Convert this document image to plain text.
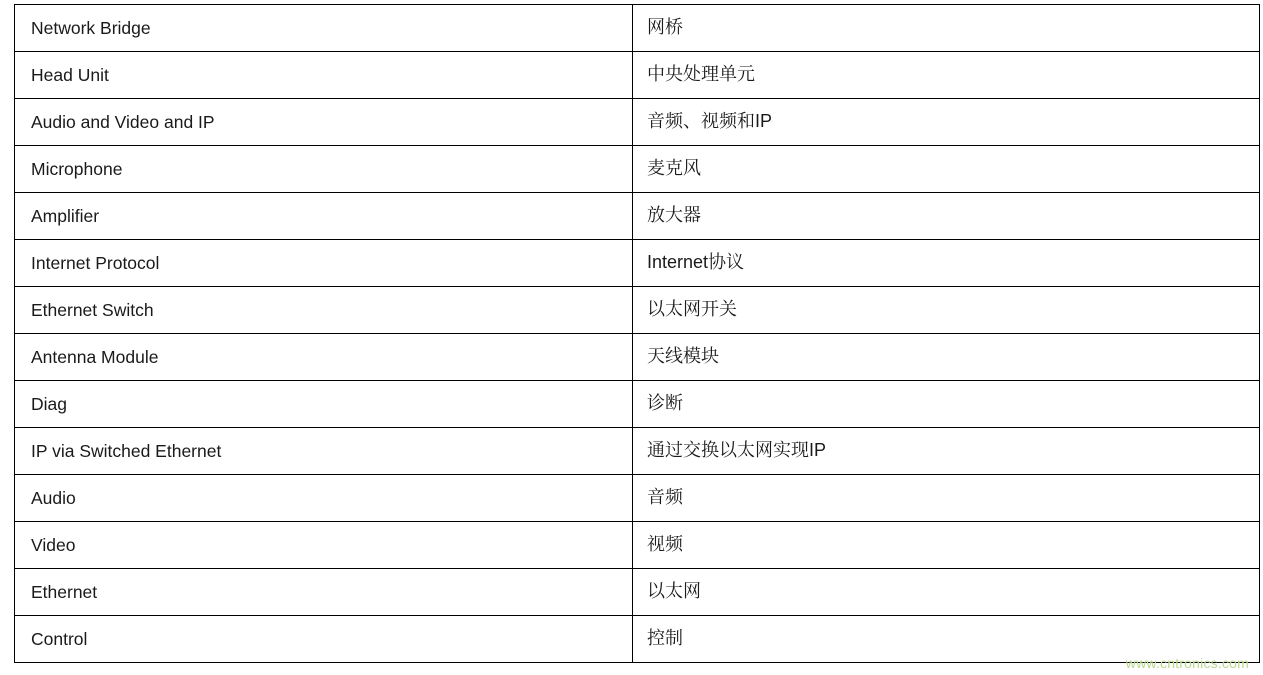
Network Bridge	网桥
Head Unit	中央处理单元
Audio and Video and IP	音频、视频和IP
Microphone	麦克风
Amplifier	放大器
Internet Protocol	Internet协议
Ethernet Switch	以太网开关
Antenna Module	天线模块
Diag	诊断
IP via Switched Ethernet	通过交换以太网实现IP
Audio	音频
Video	视频
Ethernet	以太网
Control	控制
www.cntronics.com
